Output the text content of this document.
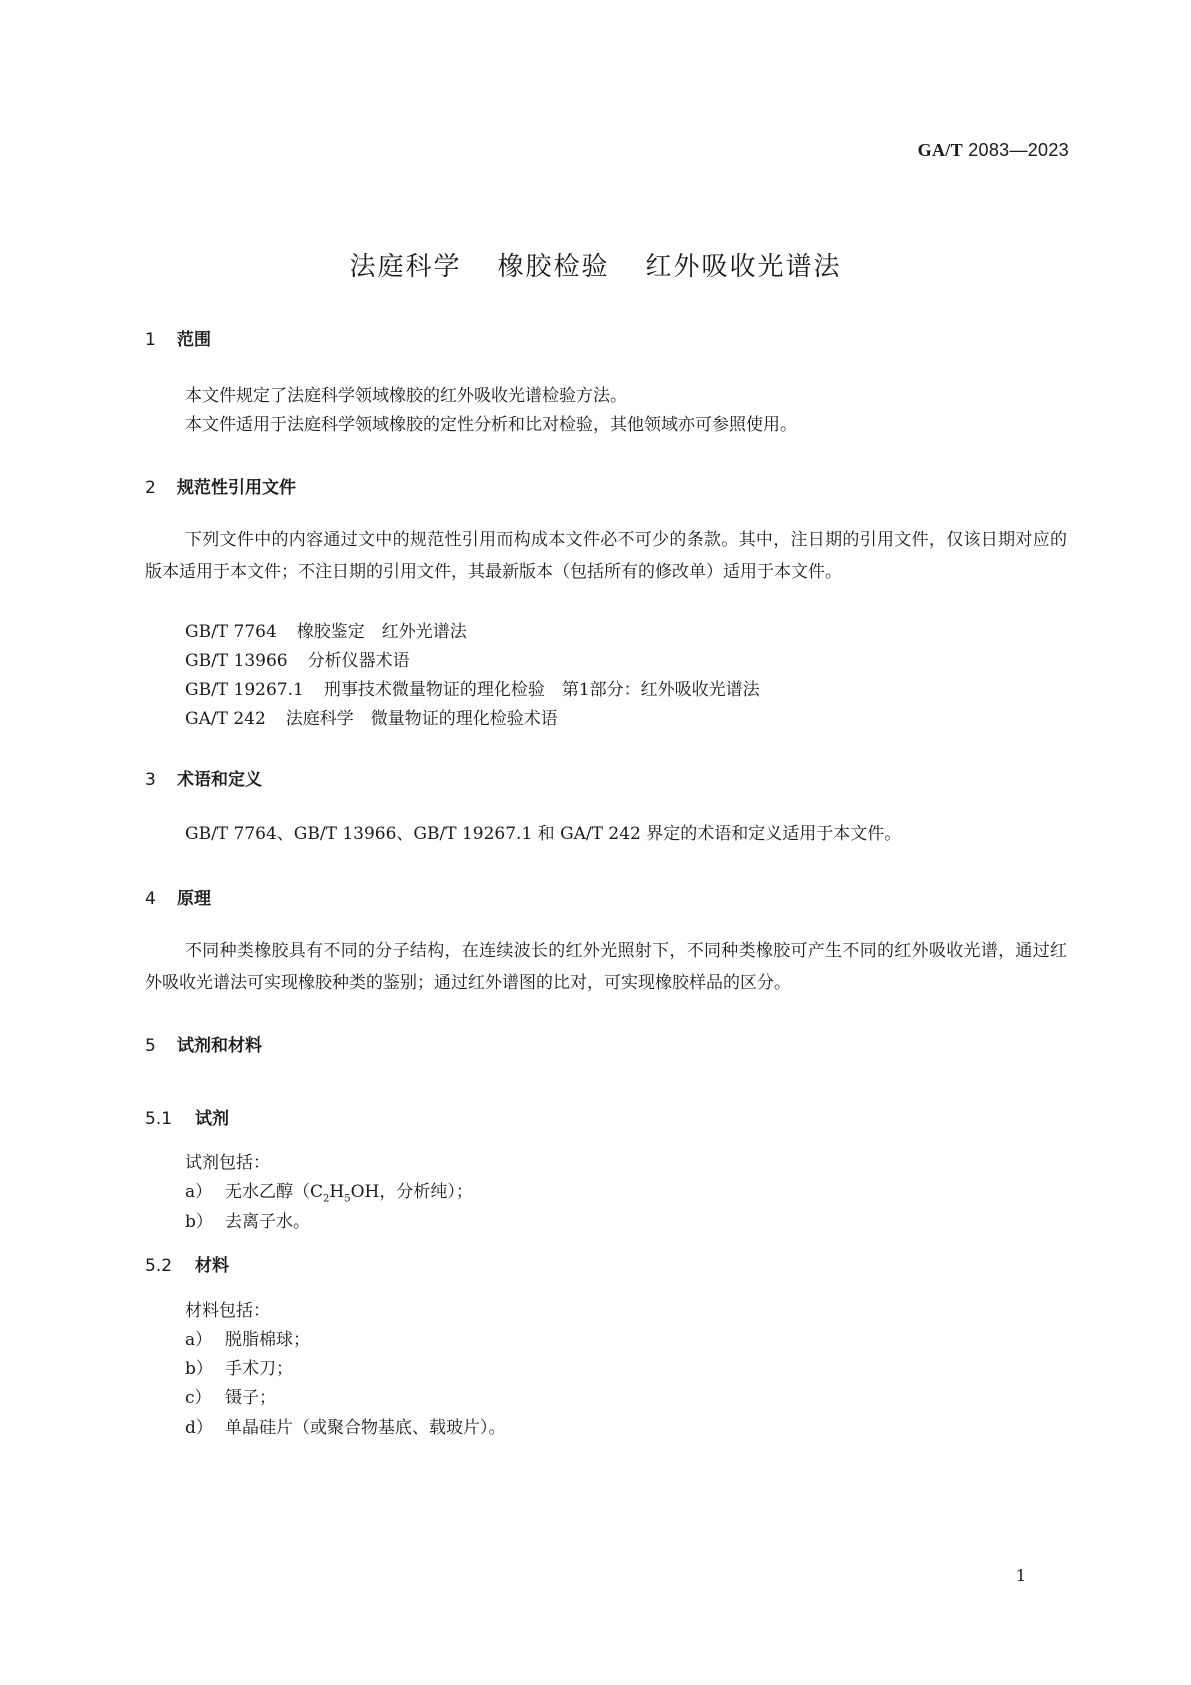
GA/T 2083—2023
法庭科学 橡胶检验 红外吸收光谱法
1 范围
本文件规定了法庭科学领域橡胶的红外吸收光谱检验方法。
本文件适用于法庭科学领域橡胶的定性分析和比对检验，其他领域亦可参照使用。
2 规范性引用文件
下列文件中的内容通过文中的规范性引用而构成本文件必不可少的条款。其中，注日期的引用文件，仅该日期对应的版本适用于本文件；不注日期的引用文件，其最新版本（包括所有的修改单）适用于本文件。
GB/T 7764 橡胶鉴定　红外光谱法
GB/T 13966 分析仪器术语
GB/T 19267.1 刑事技术微量物证的理化检验　第1部分：红外吸收光谱法
GA/T 242 法庭科学　微量物证的理化检验术语
3 术语和定义
GB/T 7764、GB/T 13966、GB/T 19267.1 和 GA/T 242 界定的术语和定义适用于本文件。
4 原理
不同种类橡胶具有不同的分子结构，在连续波长的红外光照射下，不同种类橡胶可产生不同的红外吸收光谱，通过红外吸收光谱法可实现橡胶种类的鉴别；通过红外谱图的比对，可实现橡胶样品的区分。
5 试剂和材料
5.1 试剂
试剂包括：
a） 无水乙醇（$C_2H_5OH$，分析纯）；
b） 去离子水。
5.2 材料
材料包括：
a） 脱脂棉球；
b） 手术刀；
c） 镊子；
d） 单晶硅片（或聚合物基底、载玻片）。
1
